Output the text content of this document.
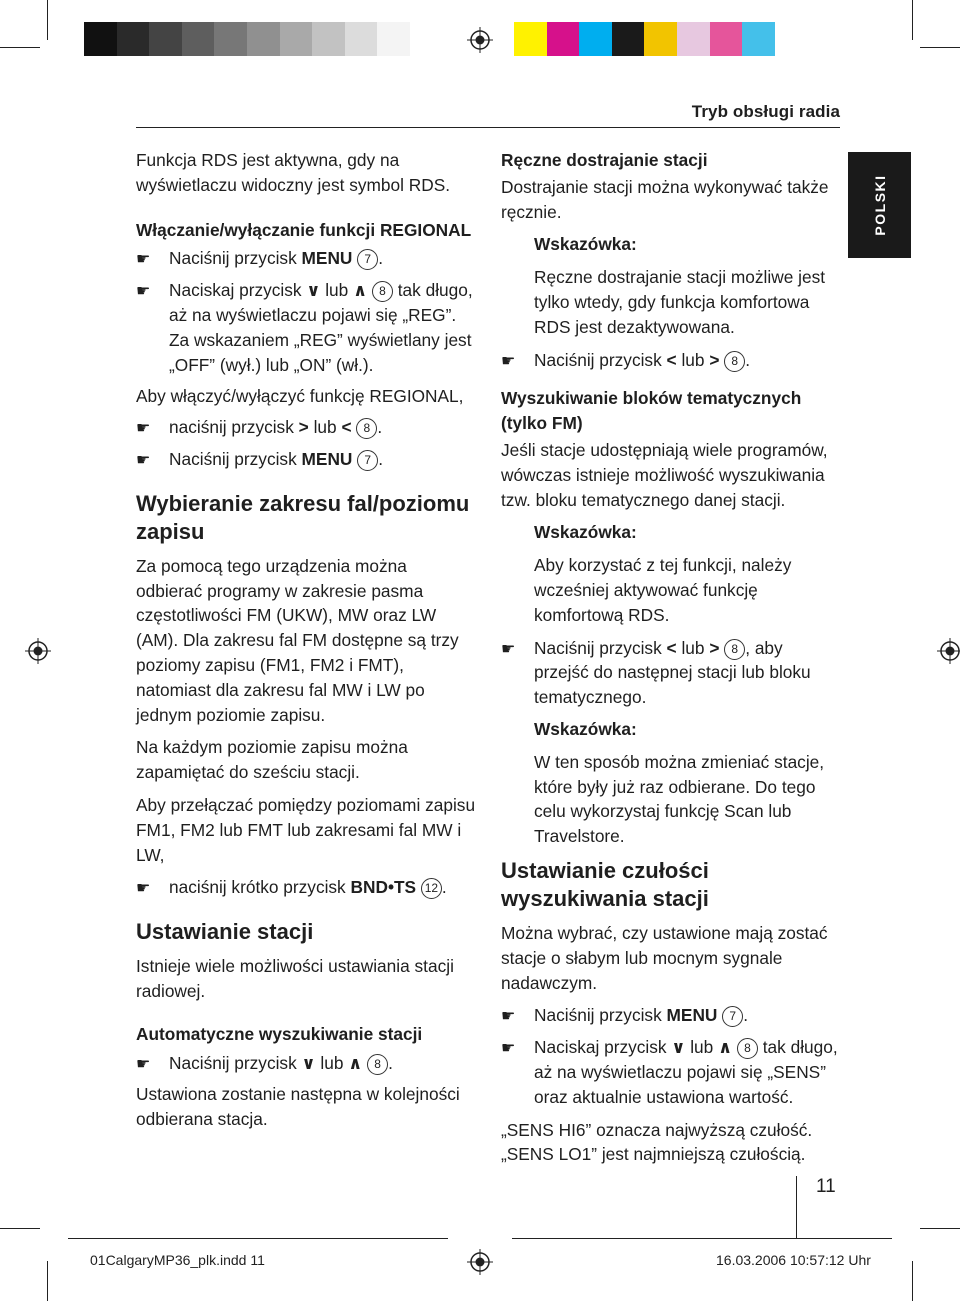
Tryb obsługi radia
POLSKI

Funkcja RDS jest aktywna, gdy na wyświetlaczu widoczny jest symbol RDS.

Włączanie/wyłączanie funkcji REGIONAL

☛ Naciśnij przycisk MENU 7 .
☛ Naciskaj przycisk ∨ lub ∧ 8 tak długo, aż na wyświetlaczu pojawi się „REG”. Za wskazaniem „REG” wyświetlany jest „OFF” (wył.) lub „ON” (wł.).

Aby włączyć/wyłączyć funkcję REGIONAL,

☛ naciśnij przycisk > lub < 8 .
☛ Naciśnij przycisk MENU 7 .

Wybieranie zakresu fal/poziomu zapisu

Za pomocą tego urządzenia można odbierać programy w zakresie pasma częstotliwości FM (UKW), MW oraz LW (AM). Dla zakresu fal FM dostępne są trzy poziomy zapisu (FM1, FM2 i FMT), natomiast dla zakresu fal MW i LW po jednym poziomie zapisu.

Na każdym poziomie zapisu można zapamiętać do sześciu stacji.

Aby przełączać pomiędzy poziomami zapisu FM1, FM2 lub FMT lub zakresami fal MW i LW,

☛ naciśnij krótko przycisk BND•TS 12 .

Ustawianie stacji

Istnieje wiele możliwości ustawiania stacji radiowej.

Automatyczne wyszukiwanie stacji

☛ Naciśnij przycisk ∨ lub ∧ 8 .

Ustawiona zostanie następna w kolejności odbierana stacja.

Ręczne dostrajanie stacji

Dostrajanie stacji można wykonywać także ręcznie.

Wskazówka:

Ręczne dostrajanie stacji możliwe jest tylko wtedy, gdy funkcja komfortowa RDS jest dezaktywowana.

☛ Naciśnij przycisk < lub > 8 .

Wyszukiwanie bloków tematycznych (tylko FM)

Jeśli stacje udostępniają wiele programów, wówczas istnieje możliwość wyszukiwania tzw. bloku tematycznego danej stacji.

Wskazówka:

Aby korzystać z tej funkcji, należy wcześniej aktywować funkcję komfortową RDS.

☛ Naciśnij przycisk < lub > 8 , aby przejść do następnej stacji lub bloku tematycznego.

Wskazówka:

W ten sposób można zmieniać stacje, które były już raz odbierane. Do tego celu wykorzystaj funkcję Scan lub Travelstore.

Ustawianie czułości wyszukiwania stacji

Można wybrać, czy ustawione mają zostać stacje o słabym lub mocnym sygnale nadawczym.

☛ Naciśnij przycisk MENU 7 .
☛ Naciskaj przycisk ∨ lub ∧ 8 tak długo, aż na wyświetlaczu pojawi się „SENS” oraz aktualnie ustawiona wartość.

„SENS HI6” oznacza najwyższą czułość.
„SENS LO1” jest najmniejszą czułością.

11
01CalgaryMP36_plk.indd 11	16.03.2006 10:57:12 Uhr
